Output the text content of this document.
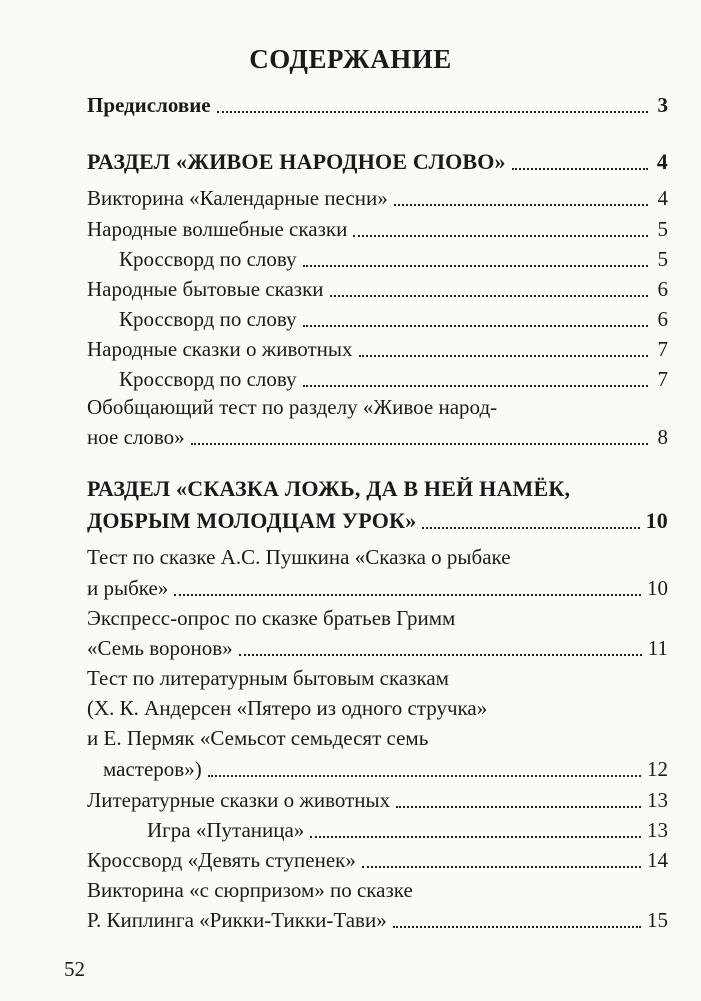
СОДЕРЖАНИЕ
Предисловие	3
РАЗДЕЛ «ЖИВОЕ НАРОДНОЕ СЛОВО»	4
Викторина «Календарные песни»	4
Народные волшебные сказки	5
Кроссворд по слову	5
Народные бытовые сказки	6
Кроссворд по слову	6
Народные сказки о животных	7
Кроссворд по слову	7
Обобщающий тест по разделу «Живое народ-
ное слово»	8
РАЗДЕЛ «СКАЗКА ЛОЖЬ, ДА В НЕЙ НАМЁК,
ДОБРЫМ МОЛОДЦАМ УРОК»	10
Тест по сказке А.С. Пушкина «Сказка о рыбаке
и рыбке»	10
Экспресс-опрос по сказке братьев Гримм
«Семь воронов»	11
Тест по литературным бытовым сказкам
(Х. К. Андерсен «Пятеро из одного стручка»
и Е. Пермяк «Семьсот семьдесят семь
мастеров»)	12
Литературные сказки о животных	13
Игра «Путаница»	13
Кроссворд «Девять ступенек»	14
Викторина «с сюрпризом» по сказке
Р. Киплинга «Рикки-Тикки-Тави»	15
52
